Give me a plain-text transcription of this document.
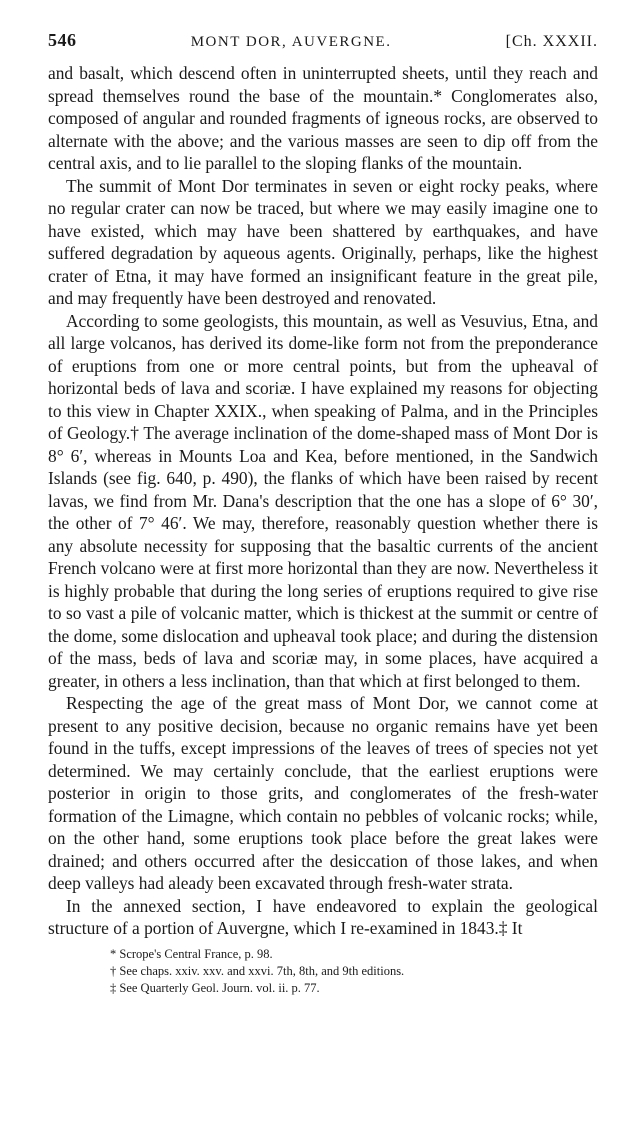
546	MONT DOR, AUVERGNE.	[Ch. XXXII.

and basalt, which descend often in uninterrupted sheets, until they reach and spread themselves round the base of the mountain.* Conglomerates also, composed of angular and rounded fragments of igneous rocks, are observed to alternate with the above; and the various masses are seen to dip off from the central axis, and to lie parallel to the sloping flanks of the mountain.

The summit of Mont Dor terminates in seven or eight rocky peaks, where no regular crater can now be traced, but where we may easily imagine one to have existed, which may have been shattered by earthquakes, and have suffered degradation by aqueous agents. Originally, perhaps, like the highest crater of Etna, it may have formed an insignificant feature in the great pile, and may frequently have been destroyed and renovated.

According to some geologists, this mountain, as well as Vesuvius, Etna, and all large volcanos, has derived its dome-like form not from the preponderance of eruptions from one or more central points, but from the upheaval of horizontal beds of lava and scoriæ. I have explained my reasons for objecting to this view in Chapter XXIX., when speaking of Palma, and in the Principles of Geology.† The average inclination of the dome-shaped mass of Mont Dor is 8° 6′, whereas in Mounts Loa and Kea, before mentioned, in the Sandwich Islands (see fig. 640, p. 490), the flanks of which have been raised by recent lavas, we find from Mr. Dana's description that the one has a slope of 6° 30′, the other of 7° 46′. We may, therefore, reasonably question whether there is any absolute necessity for supposing that the basaltic currents of the ancient French volcano were at first more horizontal than they are now. Nevertheless it is highly probable that during the long series of eruptions required to give rise to so vast a pile of volcanic matter, which is thickest at the summit or centre of the dome, some dislocation and upheaval took place; and during the distension of the mass, beds of lava and scoriæ may, in some places, have acquired a greater, in others a less inclination, than that which at first belonged to them.

Respecting the age of the great mass of Mont Dor, we cannot come at present to any positive decision, because no organic remains have yet been found in the tuffs, except impressions of the leaves of trees of species not yet determined. We may certainly conclude, that the earliest eruptions were posterior in origin to those grits, and conglomerates of the fresh-water formation of the Limagne, which contain no pebbles of volcanic rocks; while, on the other hand, some eruptions took place before the great lakes were drained; and others occurred after the desiccation of those lakes, and when deep valleys had aleady been excavated through fresh-water strata.

In the annexed section, I have endeavored to explain the geological structure of a portion of Auvergne, which I re-examined in 1843.‡ It

* Scrope's Central France, p. 98.
† See chaps. xxiv. xxv. and xxvi. 7th, 8th, and 9th editions.
‡ See Quarterly Geol. Journ. vol. ii. p. 77.
